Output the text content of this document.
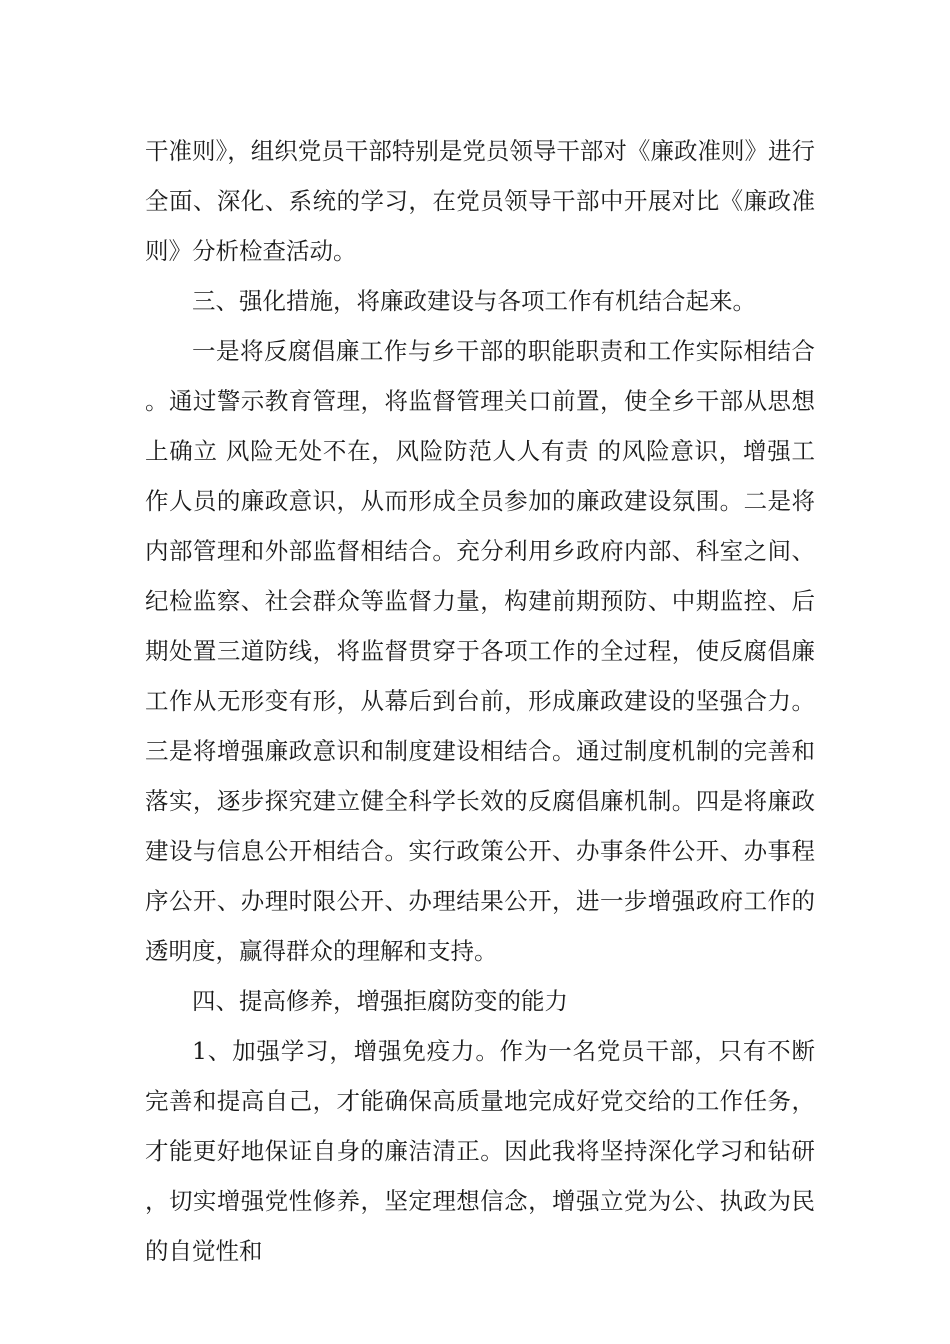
干准则》，组织党员干部特别是党员领导干部对《廉政准则》进行全面、深化、系统的学习，在党员领导干部中开展对比《廉政准则》分析检查活动。

三、强化措施，将廉政建设与各项工作有机结合起来。

一是将反腐倡廉工作与乡干部的职能职责和工作实际相结合。通过警示教育管理，将监督管理关口前置，使全乡干部从思想上确立 风险无处不在，风险防范人人有责 的风险意识，增强工作人员的廉政意识，从而形成全员参加的廉政建设氛围。二是将内部管理和外部监督相结合。充分利用乡政府内部、科室之间、纪检监察、社会群众等监督力量，构建前期预防、中期监控、后期处置三道防线，将监督贯穿于各项工作的全过程，使反腐倡廉工作从无形变有形，从幕后到台前，形成廉政建设的坚强合力。三是将增强廉政意识和制度建设相结合。通过制度机制的完善和落实，逐步探究建立健全科学长效的反腐倡廉机制。四是将廉政建设与信息公开相结合。实行政策公开、办事条件公开、办事程序公开、办理时限公开、办理结果公开，进一步增强政府工作的透明度，赢得群众的理解和支持。

四、提高修养，增强拒腐防变的能力

1、加强学习，增强免疫力。作为一名党员干部，只有不断完善和提高自己，才能确保高质量地完成好党交给的工作任务，才能更好地保证自身的廉洁清正。因此我将坚持深化学习和钻研，切实增强党性修养，坚定理想信念，增强立党为公、执政为民的自觉性和
